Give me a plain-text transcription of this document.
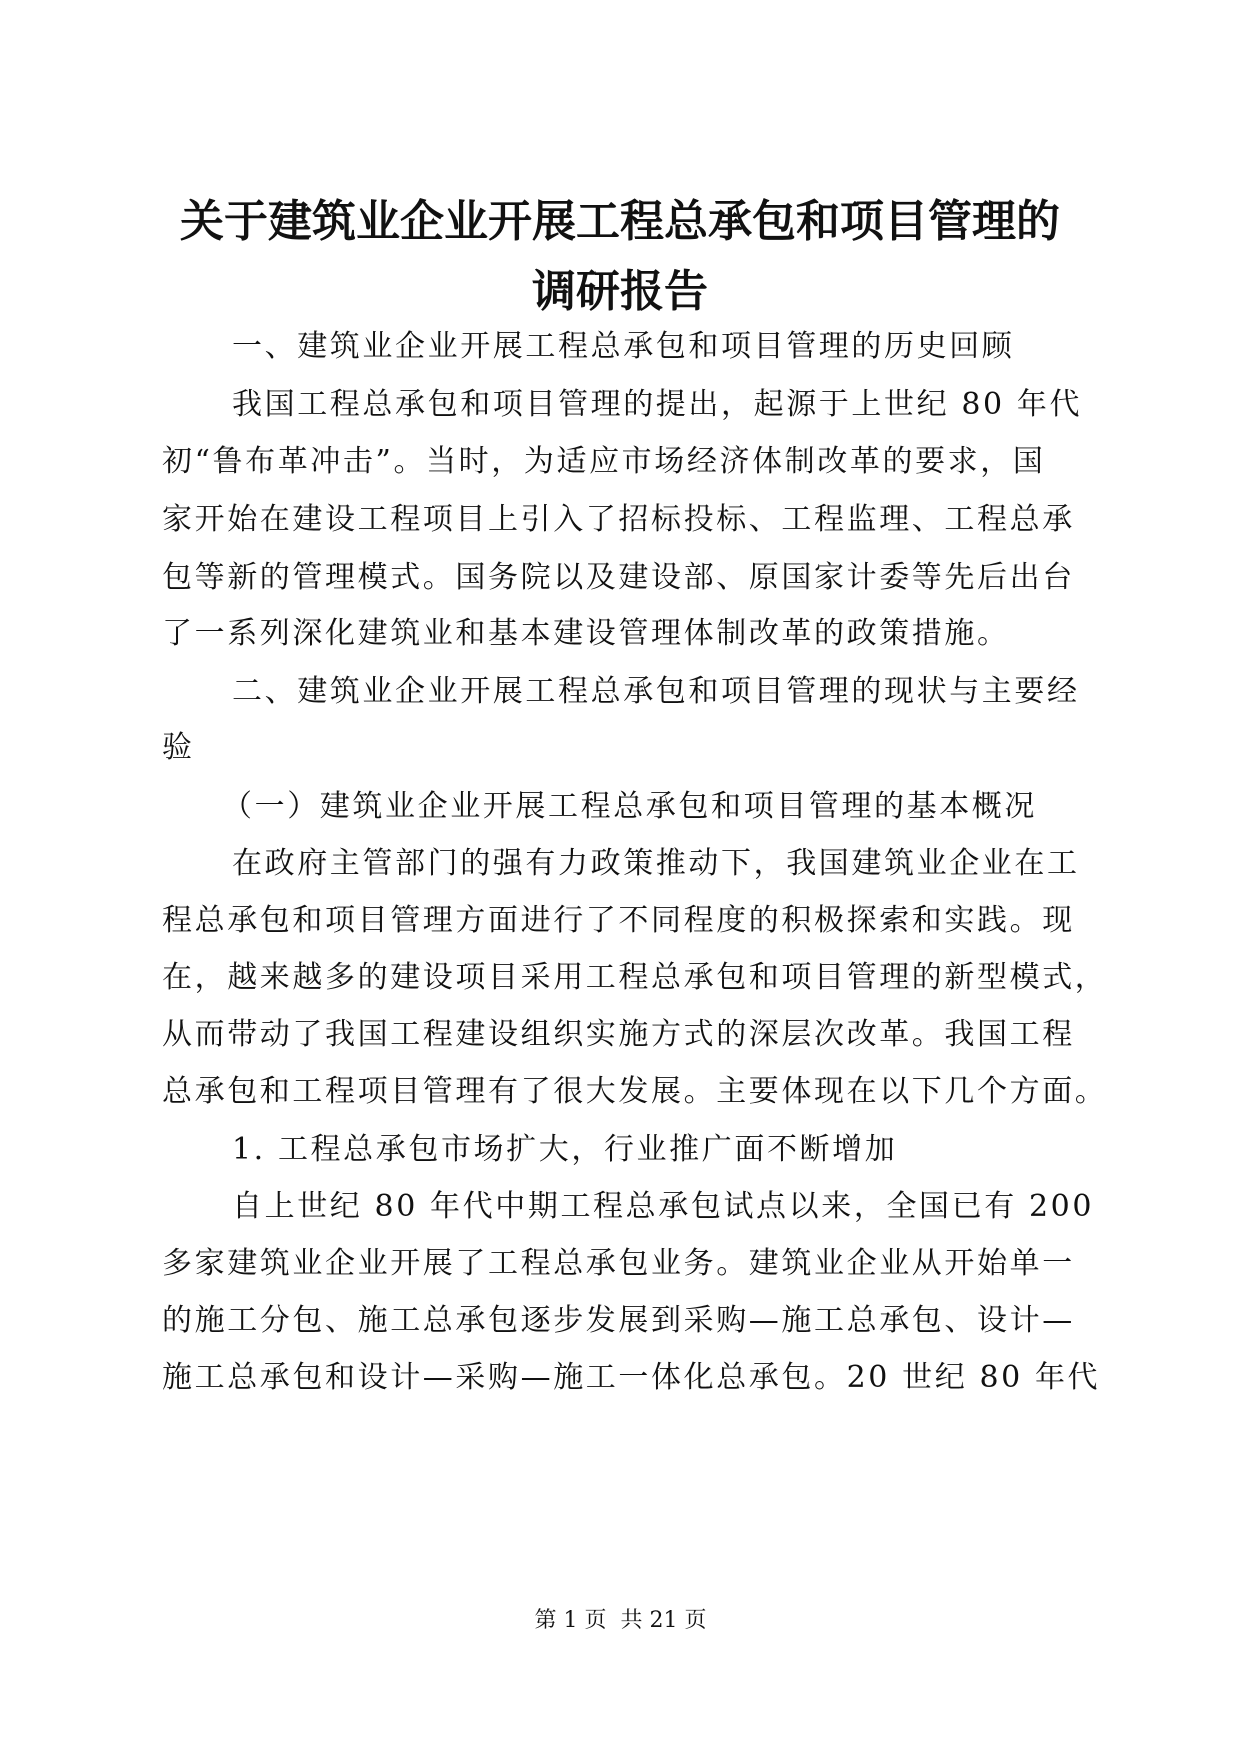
关于建筑业企业开展工程总承包和项目管理的
调研报告

一、建筑业企业开展工程总承包和项目管理的历史回顾

我国工程总承包和项目管理的提出，起源于上世纪 80 年代

初“鲁布革冲击”。当时，为适应市场经济体制改革的要求，国

家开始在建设工程项目上引入了招标投标、工程监理、工程总承

包等新的管理模式。国务院以及建设部、原国家计委等先后出台

了一系列深化建筑业和基本建设管理体制改革的政策措施。

二、建筑业企业开展工程总承包和项目管理的现状与主要经

验

（一）建筑业企业开展工程总承包和项目管理的基本概况

在政府主管部门的强有力政策推动下，我国建筑业企业在工

程总承包和项目管理方面进行了不同程度的积极探索和实践。现

在，越来越多的建设项目采用工程总承包和项目管理的新型模式，

从而带动了我国工程建设组织实施方式的深层次改革。我国工程

总承包和工程项目管理有了很大发展。主要体现在以下几个方面。

1. 工程总承包市场扩大，行业推广面不断增加

自上世纪 80 年代中期工程总承包试点以来，全国已有 200

多家建筑业企业开展了工程总承包业务。建筑业企业从开始单一

的施工分包、施工总承包逐步发展到采购—施工总承包、设计—

施工总承包和设计—采购—施工一体化总承包。20 世纪 80 年代

第 1 页  共 21 页
